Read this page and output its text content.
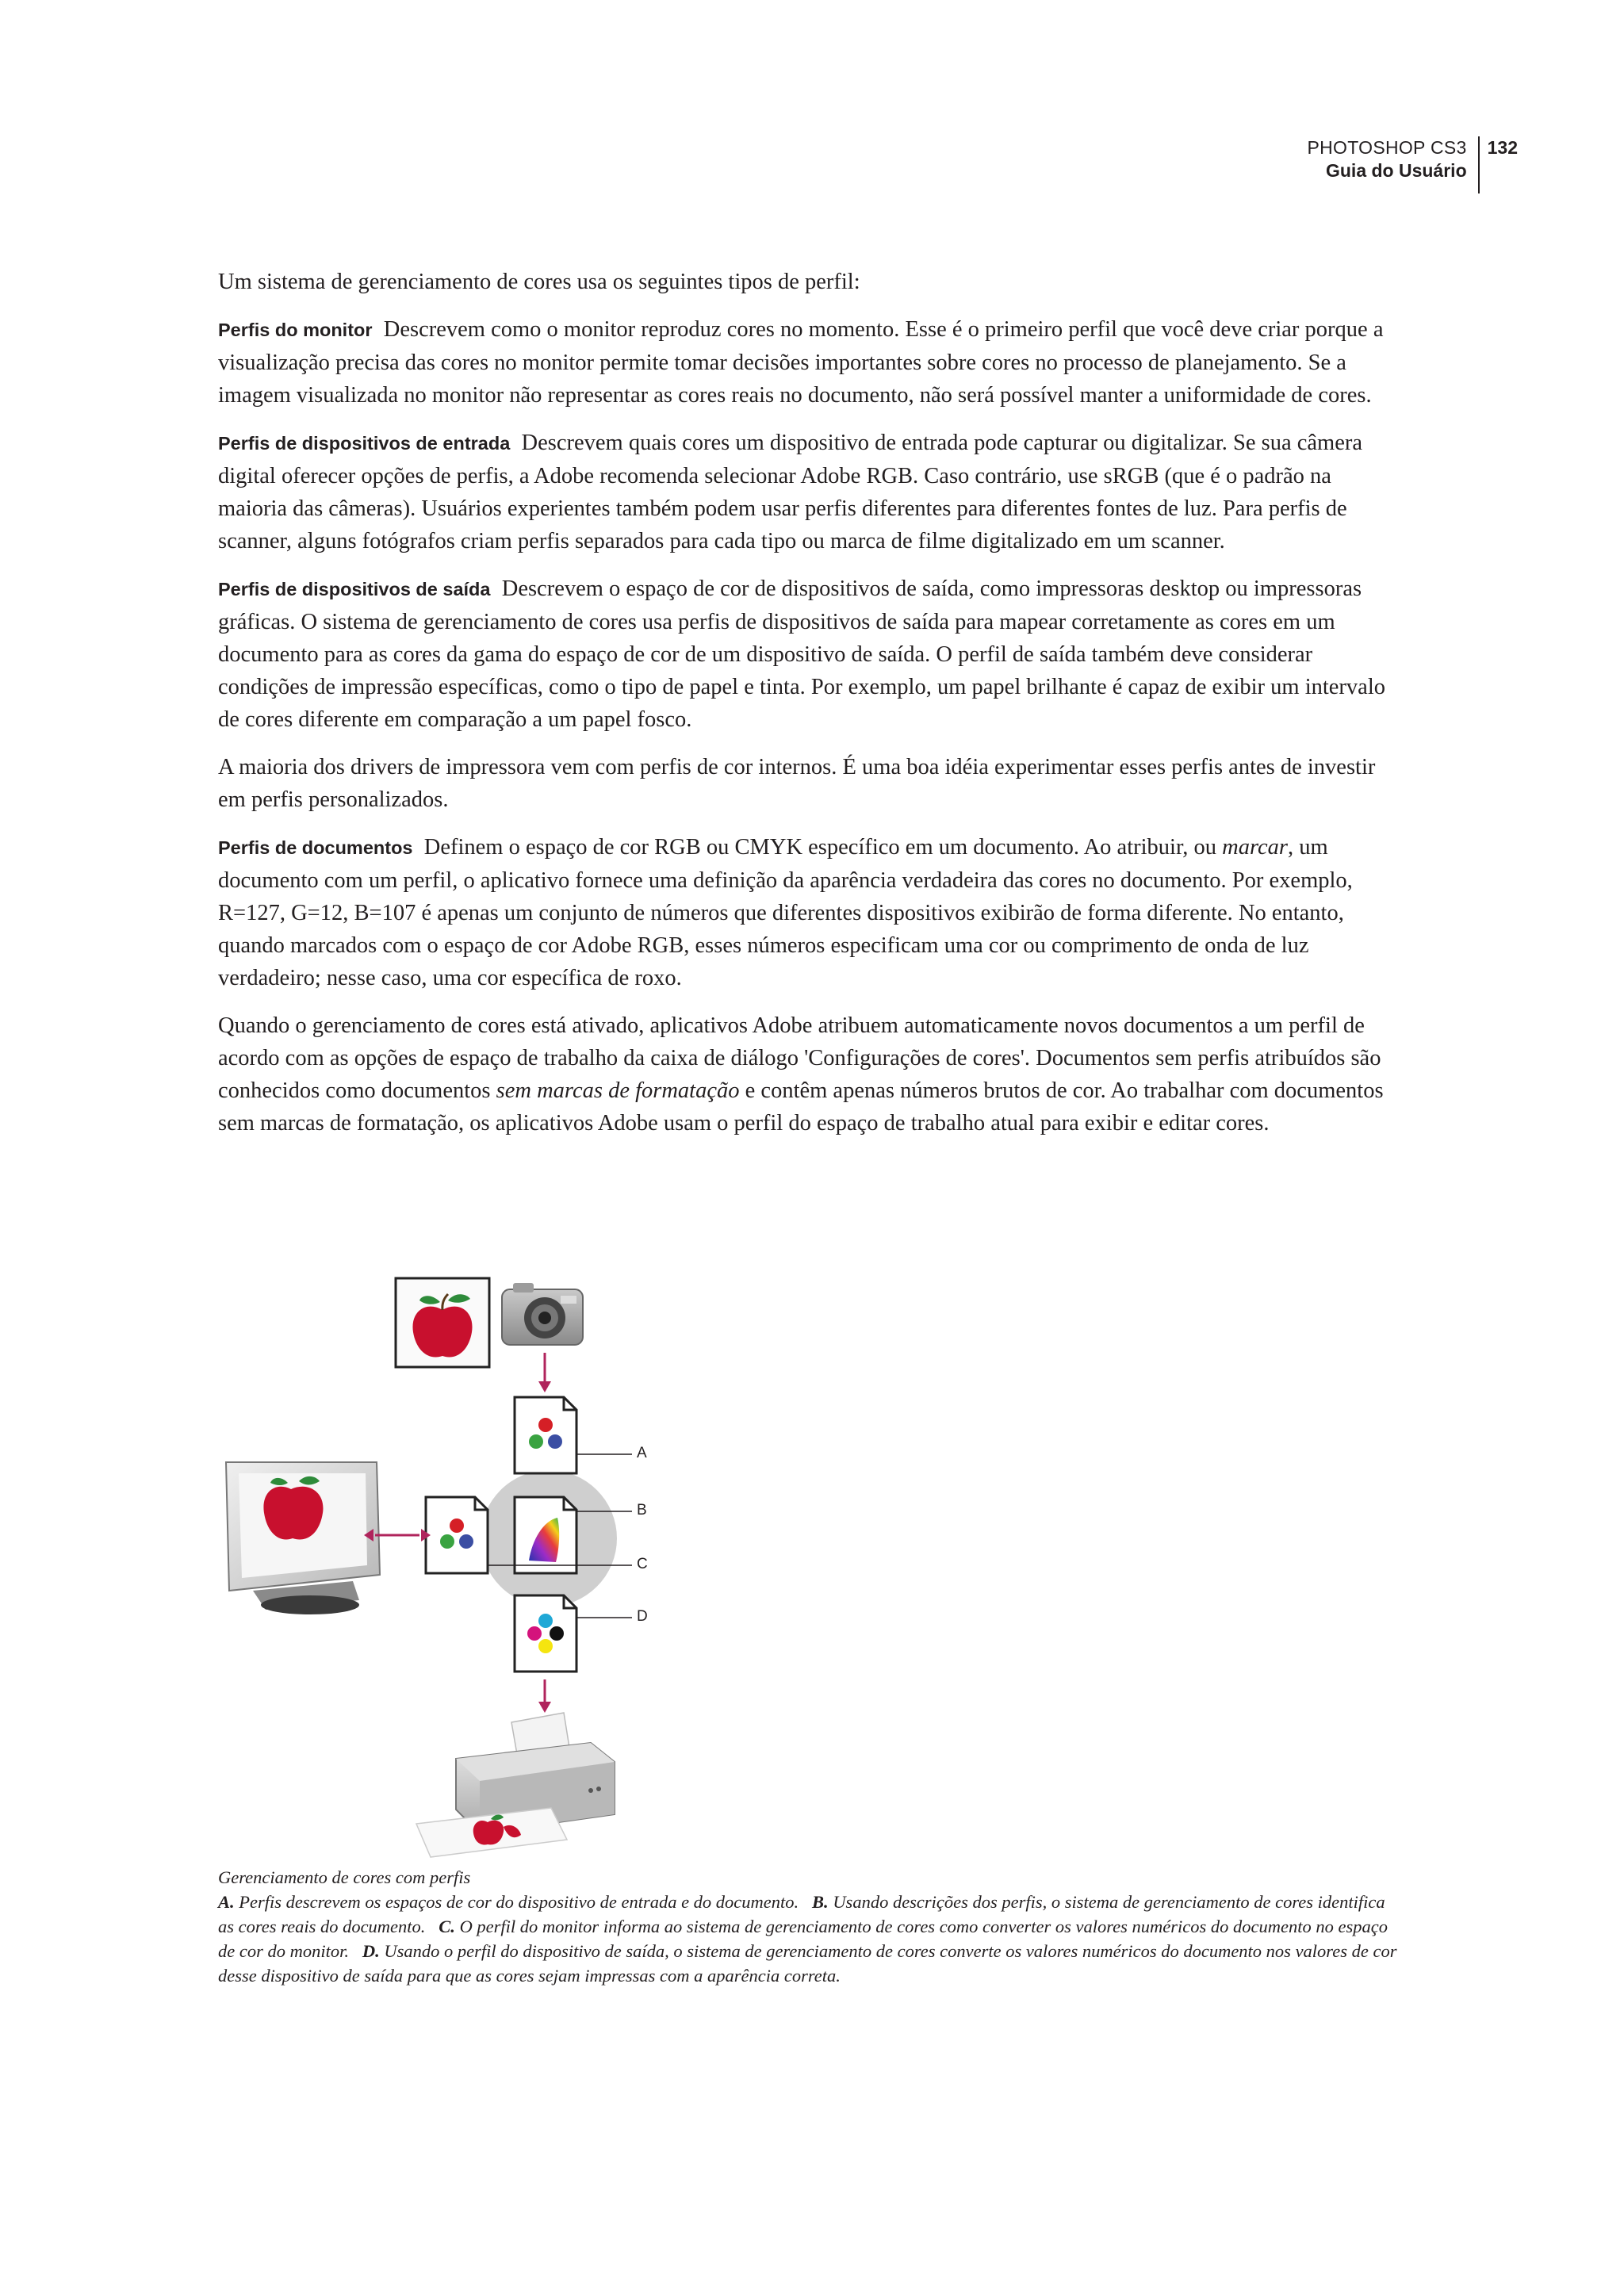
PHOTOSHOP CS3
Guia do Usuário
132

Um sistema de gerenciamento de cores usa os seguintes tipos de perfil:

Perfis do monitor Descrevem como o monitor reproduz cores no momento. Esse é o primeiro perfil que você deve criar porque a visualização precisa das cores no monitor permite tomar decisões importantes sobre cores no processo de planejamento. Se a imagem visualizada no monitor não representar as cores reais no documento, não será possível manter a uniformidade de cores.

Perfis de dispositivos de entrada Descrevem quais cores um dispositivo de entrada pode capturar ou digitalizar. Se sua câmera digital oferecer opções de perfis, a Adobe recomenda selecionar Adobe RGB. Caso contrário, use sRGB (que é o padrão na maioria das câmeras). Usuários experientes também podem usar perfis diferentes para diferentes fontes de luz. Para perfis de scanner, alguns fotógrafos criam perfis separados para cada tipo ou marca de filme digitalizado em um scanner.

Perfis de dispositivos de saída Descrevem o espaço de cor de dispositivos de saída, como impressoras desktop ou impressoras gráficas. O sistema de gerenciamento de cores usa perfis de dispositivos de saída para mapear corretamente as cores em um documento para as cores da gama do espaço de cor de um dispositivo de saída. O perfil de saída também deve considerar condições de impressão específicas, como o tipo de papel e tinta. Por exemplo, um papel brilhante é capaz de exibir um intervalo de cores diferente em comparação a um papel fosco.

A maioria dos drivers de impressora vem com perfis de cor internos. É uma boa idéia experimentar esses perfis antes de investir em perfis personalizados.

Perfis de documentos Definem o espaço de cor RGB ou CMYK específico em um documento. Ao atribuir, ou marcar, um documento com um perfil, o aplicativo fornece uma definição da aparência verdadeira das cores no documento. Por exemplo, R=127, G=12, B=107 é apenas um conjunto de números que diferentes dispositivos exibirão de forma diferente. No entanto, quando marcados com o espaço de cor Adobe RGB, esses números especificam uma cor ou comprimento de onda de luz verdadeiro; nesse caso, uma cor específica de roxo.

Quando o gerenciamento de cores está ativado, aplicativos Adobe atribuem automaticamente novos documentos a um perfil de acordo com as opções de espaço de trabalho da caixa de diálogo 'Configurações de cores'. Documentos sem perfis atribuídos são conhecidos como documentos sem marcas de formatação e contêm apenas números brutos de cor. Ao trabalhar com documentos sem marcas de formatação, os aplicativos Adobe usam o perfil do espaço de trabalho atual para exibir e editar cores.

A
B
C
D
Gerenciamento de cores com perfis
A. Perfis descrevem os espaços de cor do dispositivo de entrada e do documento. B. Usando descrições dos perfis, o sistema de gerenciamento de cores identifica as cores reais do documento. C. O perfil do monitor informa ao sistema de gerenciamento de cores como converter os valores numéricos do documento no espaço de cor do monitor. D. Usando o perfil do dispositivo de saída, o sistema de gerenciamento de cores converte os valores numéricos do documento nos valores de cor desse dispositivo de saída para que as cores sejam impressas com a aparência correta.
